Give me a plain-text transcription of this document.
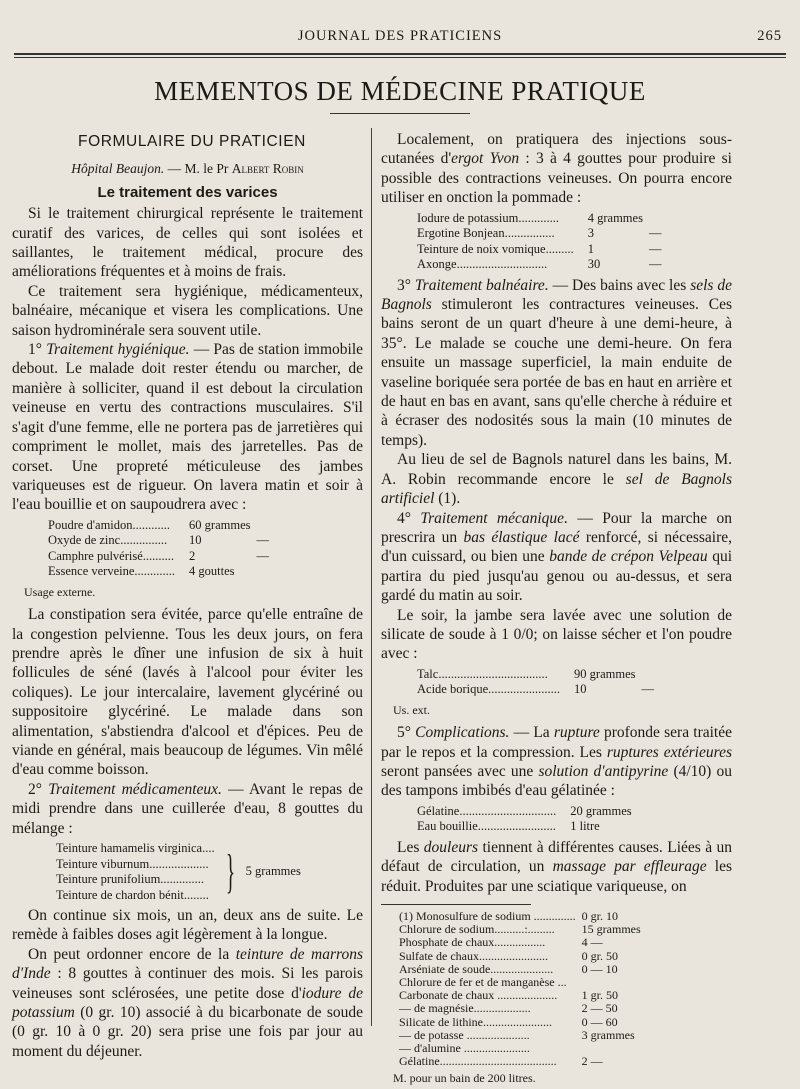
JOURNAL DES PRATICIENS	265
MEMENTOS DE MÉDECINE PRATIQUE
FORMULAIRE DU PRATICIEN
Hôpital Beaujon. — M. le Pr Albert Robin
Le traitement des varices

Si le traitement chirurgical représente le traitement curatif des varices, de celles qui sont isolées et saillantes, le traitement médical, procure des améliorations fréquentes et à moins de frais.

Ce traitement sera hygiénique, médicamenteux, balnéaire, mécanique et visera les complications. Une saison hydrominérale sera souvent utile.

1° Traitement hygiénique. — Pas de station immobile debout. Le malade doit rester étendu ou marcher, de manière à solliciter, quand il est debout la circulation veineuse en vertu des contractions musculaires. S'il s'agit d'une femme, elle ne portera pas de jarretières qui compriment le mollet, mais des jarretelles. Pas de corset. Une propreté méticuleuse des jambes variqueuses est de rigueur. On lavera matin et soir à l'eau bouillie et on saupoudrera avec :

Poudre d'amidon............	60 grammes	
Oxyde de zinc...............	10	—
Camphre pulvérisé..........	2	—
Essence verveine.............	4 gouttes	
Usage externe.

La constipation sera évitée, parce qu'elle entraîne de la congestion pelvienne. Tous les deux jours, on fera prendre après le dîner une infusion de six à huit follicules de séné (lavés à l'alcool pour éviter les coliques). Le jour intercalaire, lavement glycériné ou suppositoire glycériné. Le malade dans son alimentation, s'abstiendra d'alcool et d'épices. Peu de viande en général, mais beaucoup de légumes. Vin mêlé d'eau comme boisson.

2° Traitement médicamenteux. — Avant le repas de midi prendre dans une cuillerée d'eau, 8 gouttes du mélange :

Teinture hamamelis virginica....
Teinture viburnum...................
Teinture prunifolium..............
Teinture de chardon bénit........ } 5 grammes

On continue six mois, un an, deux ans de suite. Le remède à faibles doses agit légèrement à la longue.

On peut ordonner encore de la teinture de marrons d'Inde : 8 gouttes à continuer des mois. Si les parois veineuses sont sclérosées, une petite dose d'iodure de potassium (0 gr. 10) associé à du bicarbonate de soude (0 gr. 10 à 0 gr. 20) sera prise une fois par jour au moment du déjeuner.

Localement, on pratiquera des injections sous-cutanées d'ergot Yvon : 3 à 4 gouttes pour produire si possible des contractions veineuses. On pourra encore utiliser en onction la pommade :

Iodure de potassium.............	4 grammes	
Ergotine Bonjean................	3	—
Teinture de noix vomique.........	1	—
Axonge.............................	30	—

3° Traitement balnéaire. — Des bains avec les sels de Bagnols stimuleront les contractures veineuses. Ces bains seront de un quart d'heure à une demi-heure, à 35°. Le malade se couche une demi-heure. On fera ensuite un massage superficiel, la main enduite de vaseline boriquée sera portée de bas en haut en arrière et de haut en bas en avant, sans qu'elle cherche à réduire et à écraser des nodosités sous la main (10 minutes de temps).

Au lieu de sel de Bagnols naturel dans les bains, M. A. Robin recommande encore le sel de Bagnols artificiel (1).

4° Traitement mécanique. — Pour la marche on prescrira un bas élastique lacé renforcé, si nécessaire, d'un cuissard, ou bien une bande de crépon Velpeau qui partira du pied jusqu'au genou ou au-dessus, et sera gardé du matin au soir.

Le soir, la jambe sera lavée avec une solution de silicate de soude à 1 0/0; on laisse sécher et l'on poudre avec :

Talc...................................	90 grammes	
Acide borique.......................	10	—
Us. ext.

5° Complications. — La rupture profonde sera traitée par le repos et la compression. Les ruptures extérieures seront pansées avec une solution d'antipyrine (4/10) ou des tampons imbibés d'eau gélatinée :

Gélatine...............................	20 grammes
Eau bouillie.........................	1 litre

Les douleurs tiennent à différentes causes. Liées à un défaut de circulation, un massage par effleurage les réduit. Produites par une sciatique variqueuse, on

(1) Monosulfure de sodium ..............	0 gr. 10
Chlorure de sodium..........:.........	15 grammes
Phosphate de chaux.................	4 —
Sulfate de chaux.......................	0 gr. 50
Arséniate de soude.....................	0 — 10
Chlorure de fer et de manganèse ...	
Carbonate de chaux ....................	1 gr. 50
— de magnésie...................	2 — 50
Silicate de lithine.......................	0 — 60
— de potasse .....................	3 grammes
— d'alumine ......................	
Gélatine.......................................	2 —
M. pour un bain de 200 litres.
